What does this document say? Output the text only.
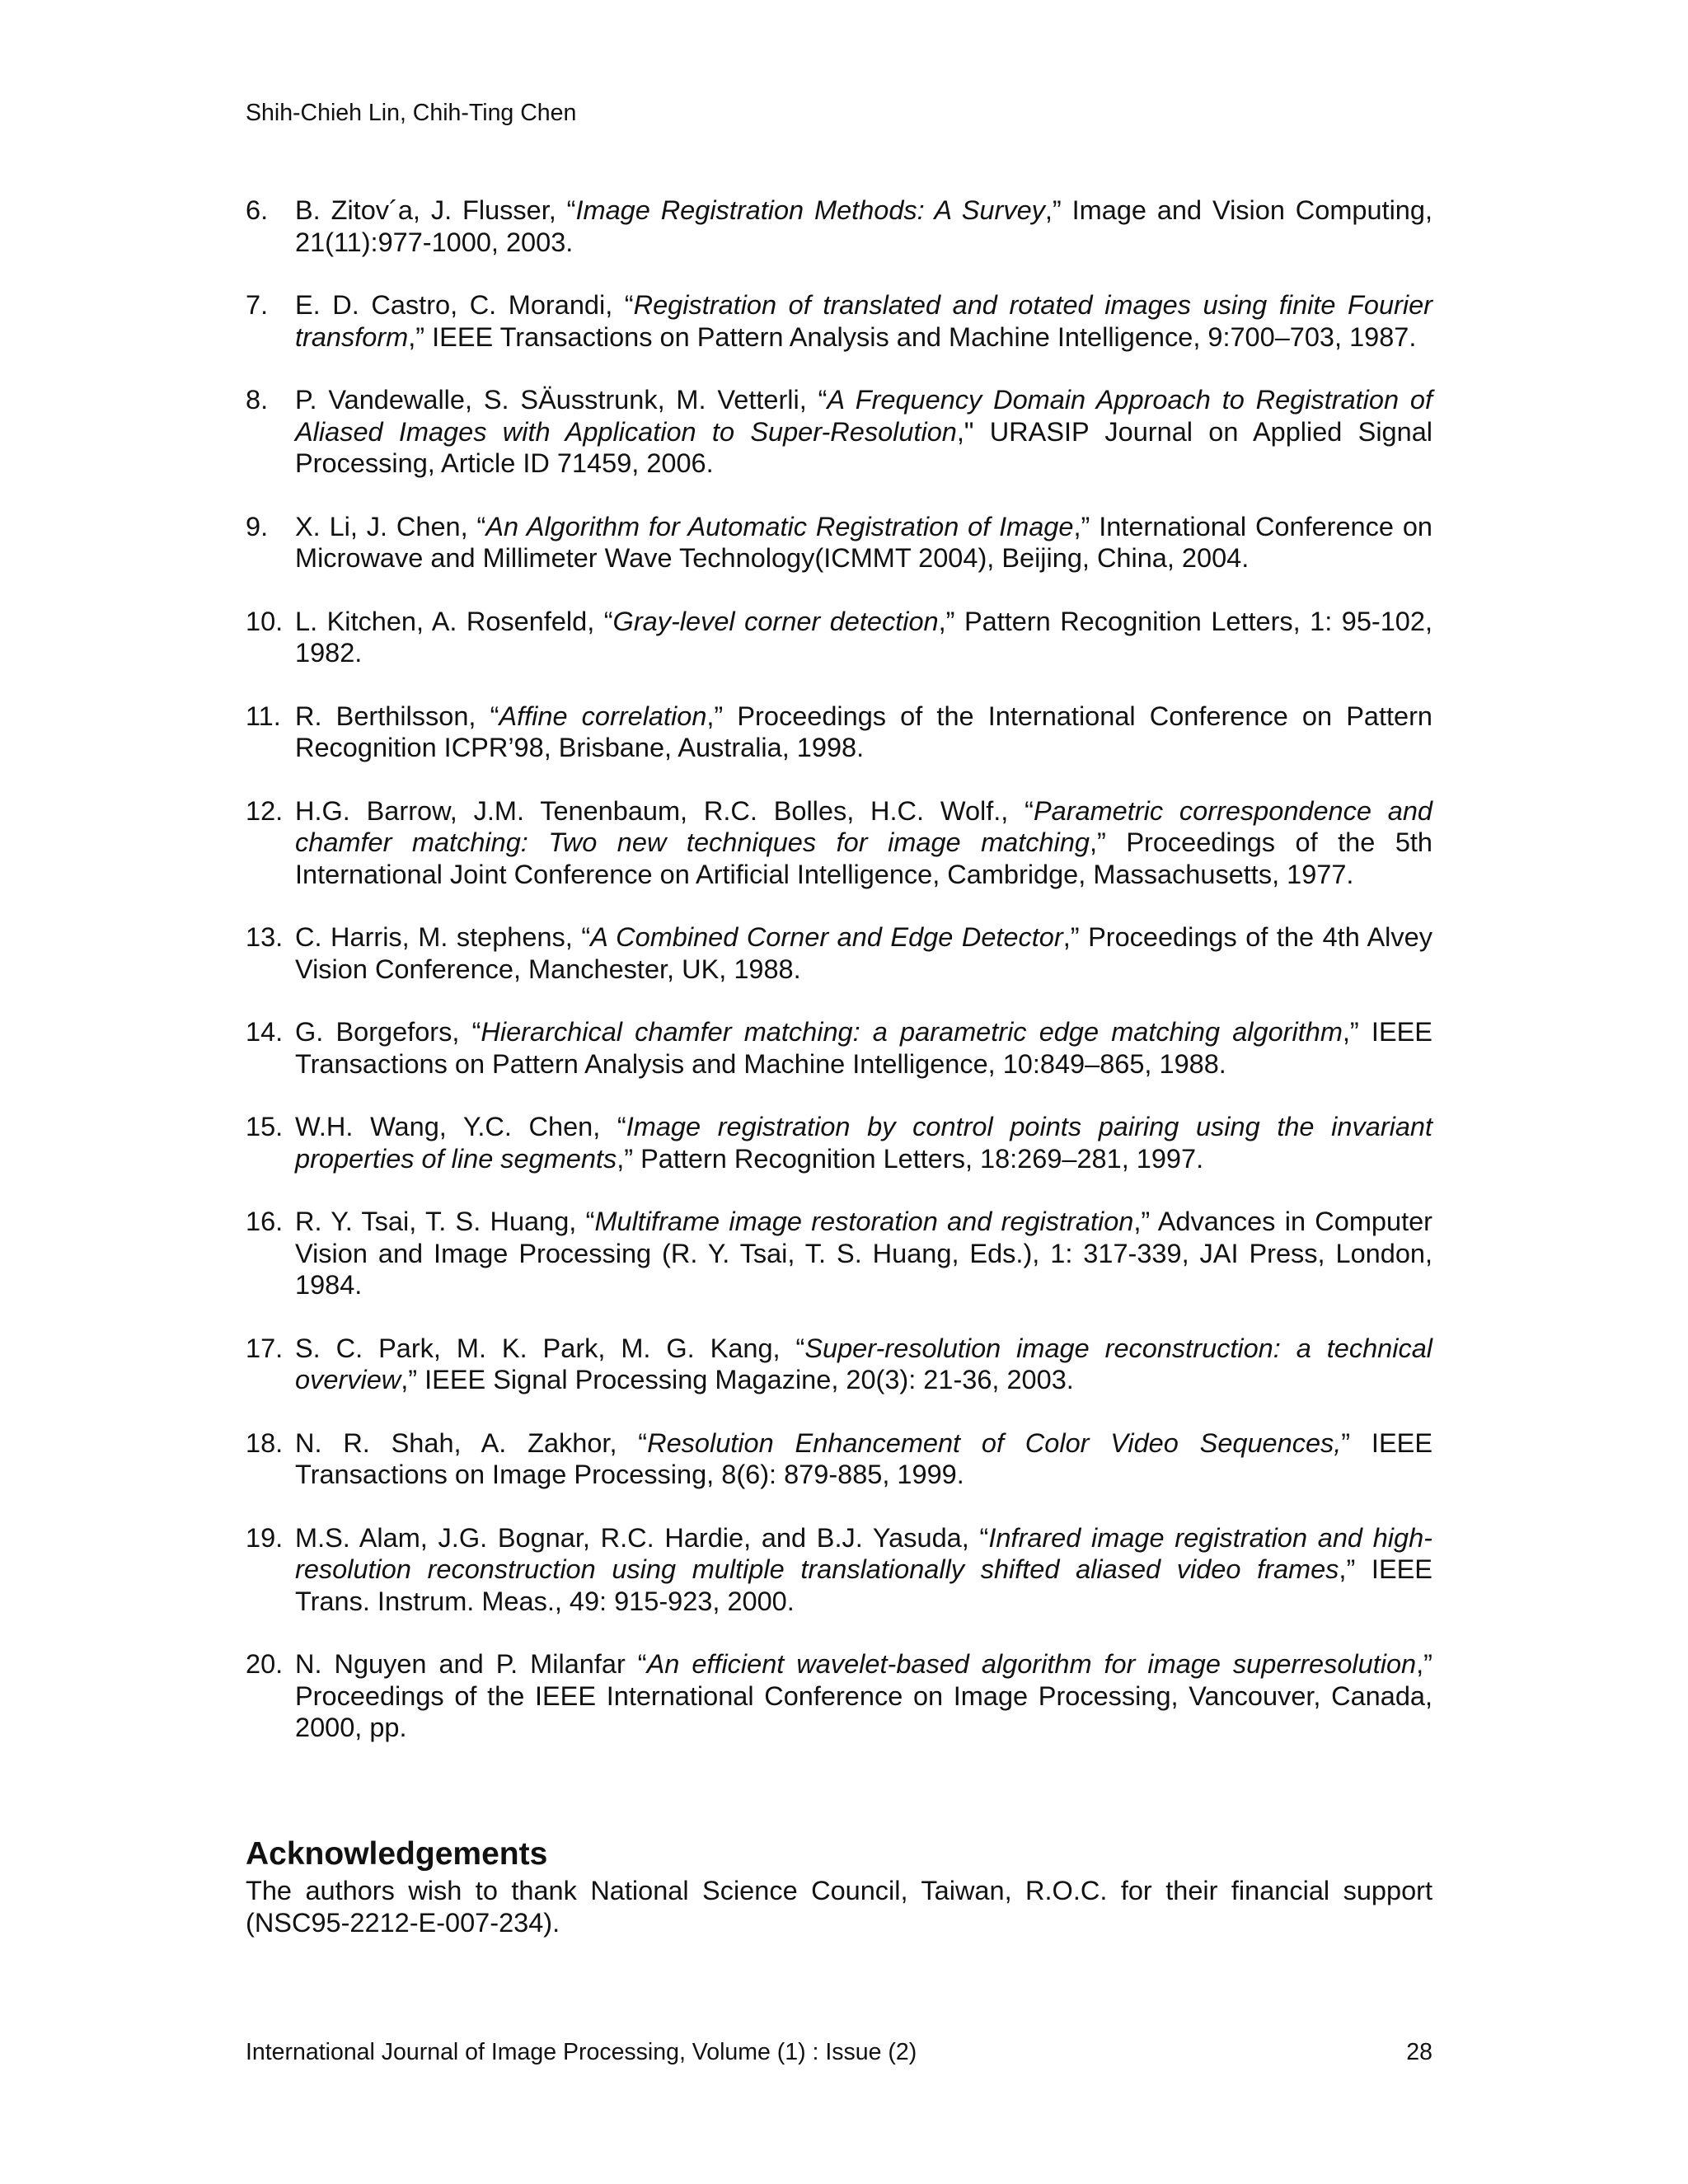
Shih-Chieh Lin, Chih-Ting Chen
6. B. Zitov´a, J. Flusser, “Image Registration Methods: A Survey,” Image and Vision Computing, 21(11):977-1000, 2003.
7. E. D. Castro, C. Morandi, “Registration of translated and rotated images using finite Fourier transform,” IEEE Transactions on Pattern Analysis and Machine Intelligence, 9:700–703, 1987.
8. P. Vandewalle, S. SÄusstrunk, M. Vetterli, “A Frequency Domain Approach to Registration of Aliased Images with Application to Super-Resolution," URASIP Journal on Applied Signal Processing, Article ID 71459, 2006.
9. X. Li, J. Chen, “An Algorithm for Automatic Registration of Image,” International Conference on Microwave and Millimeter Wave Technology(ICMMT 2004), Beijing, China, 2004.
10. L. Kitchen, A. Rosenfeld, “Gray-level corner detection,” Pattern Recognition Letters, 1: 95-102, 1982.
11. R. Berthilsson, “Affine correlation,” Proceedings of the International Conference on Pattern Recognition ICPR’98, Brisbane, Australia, 1998.
12. H.G. Barrow, J.M. Tenenbaum, R.C. Bolles, H.C. Wolf., “Parametric correspondence and chamfer matching: Two new techniques for image matching,” Proceedings of the 5th International Joint Conference on Artificial Intelligence, Cambridge, Massachusetts, 1977.
13. C. Harris, M. stephens, “A Combined Corner and Edge Detector,” Proceedings of the 4th Alvey Vision Conference, Manchester, UK, 1988.
14. G. Borgefors, “Hierarchical chamfer matching: a parametric edge matching algorithm,” IEEE Transactions on Pattern Analysis and Machine Intelligence, 10:849–865, 1988.
15. W.H. Wang, Y.C. Chen, “Image registration by control points pairing using the invariant properties of line segments,” Pattern Recognition Letters, 18:269–281, 1997.
16. R. Y. Tsai, T. S. Huang, “Multiframe image restoration and registration,” Advances in Computer Vision and Image Processing (R. Y. Tsai, T. S. Huang, Eds.), 1: 317-339, JAI Press, London, 1984.
17. S. C. Park, M. K. Park, M. G. Kang, “Super-resolution image reconstruction: a technical overview,” IEEE Signal Processing Magazine, 20(3): 21-36, 2003.
18. N. R. Shah, A. Zakhor, “Resolution Enhancement of Color Video Sequences,” IEEE Transactions on Image Processing, 8(6): 879-885, 1999.
19. M.S. Alam, J.G. Bognar, R.C. Hardie, and B.J. Yasuda, “Infrared image registration and high-resolution reconstruction using multiple translationally shifted aliased video frames,” IEEE Trans. Instrum. Meas., 49: 915-923, 2000.
20. N. Nguyen and P. Milanfar “An efficient wavelet-based algorithm for image superresolution,” Proceedings of the IEEE International Conference on Image Processing, Vancouver, Canada, 2000, pp.
Acknowledgements

The authors wish to thank National Science Council, Taiwan, R.O.C. for their financial support (NSC95-2212-E-007-234).

International Journal of Image Processing, Volume (1) : Issue (2)	28
